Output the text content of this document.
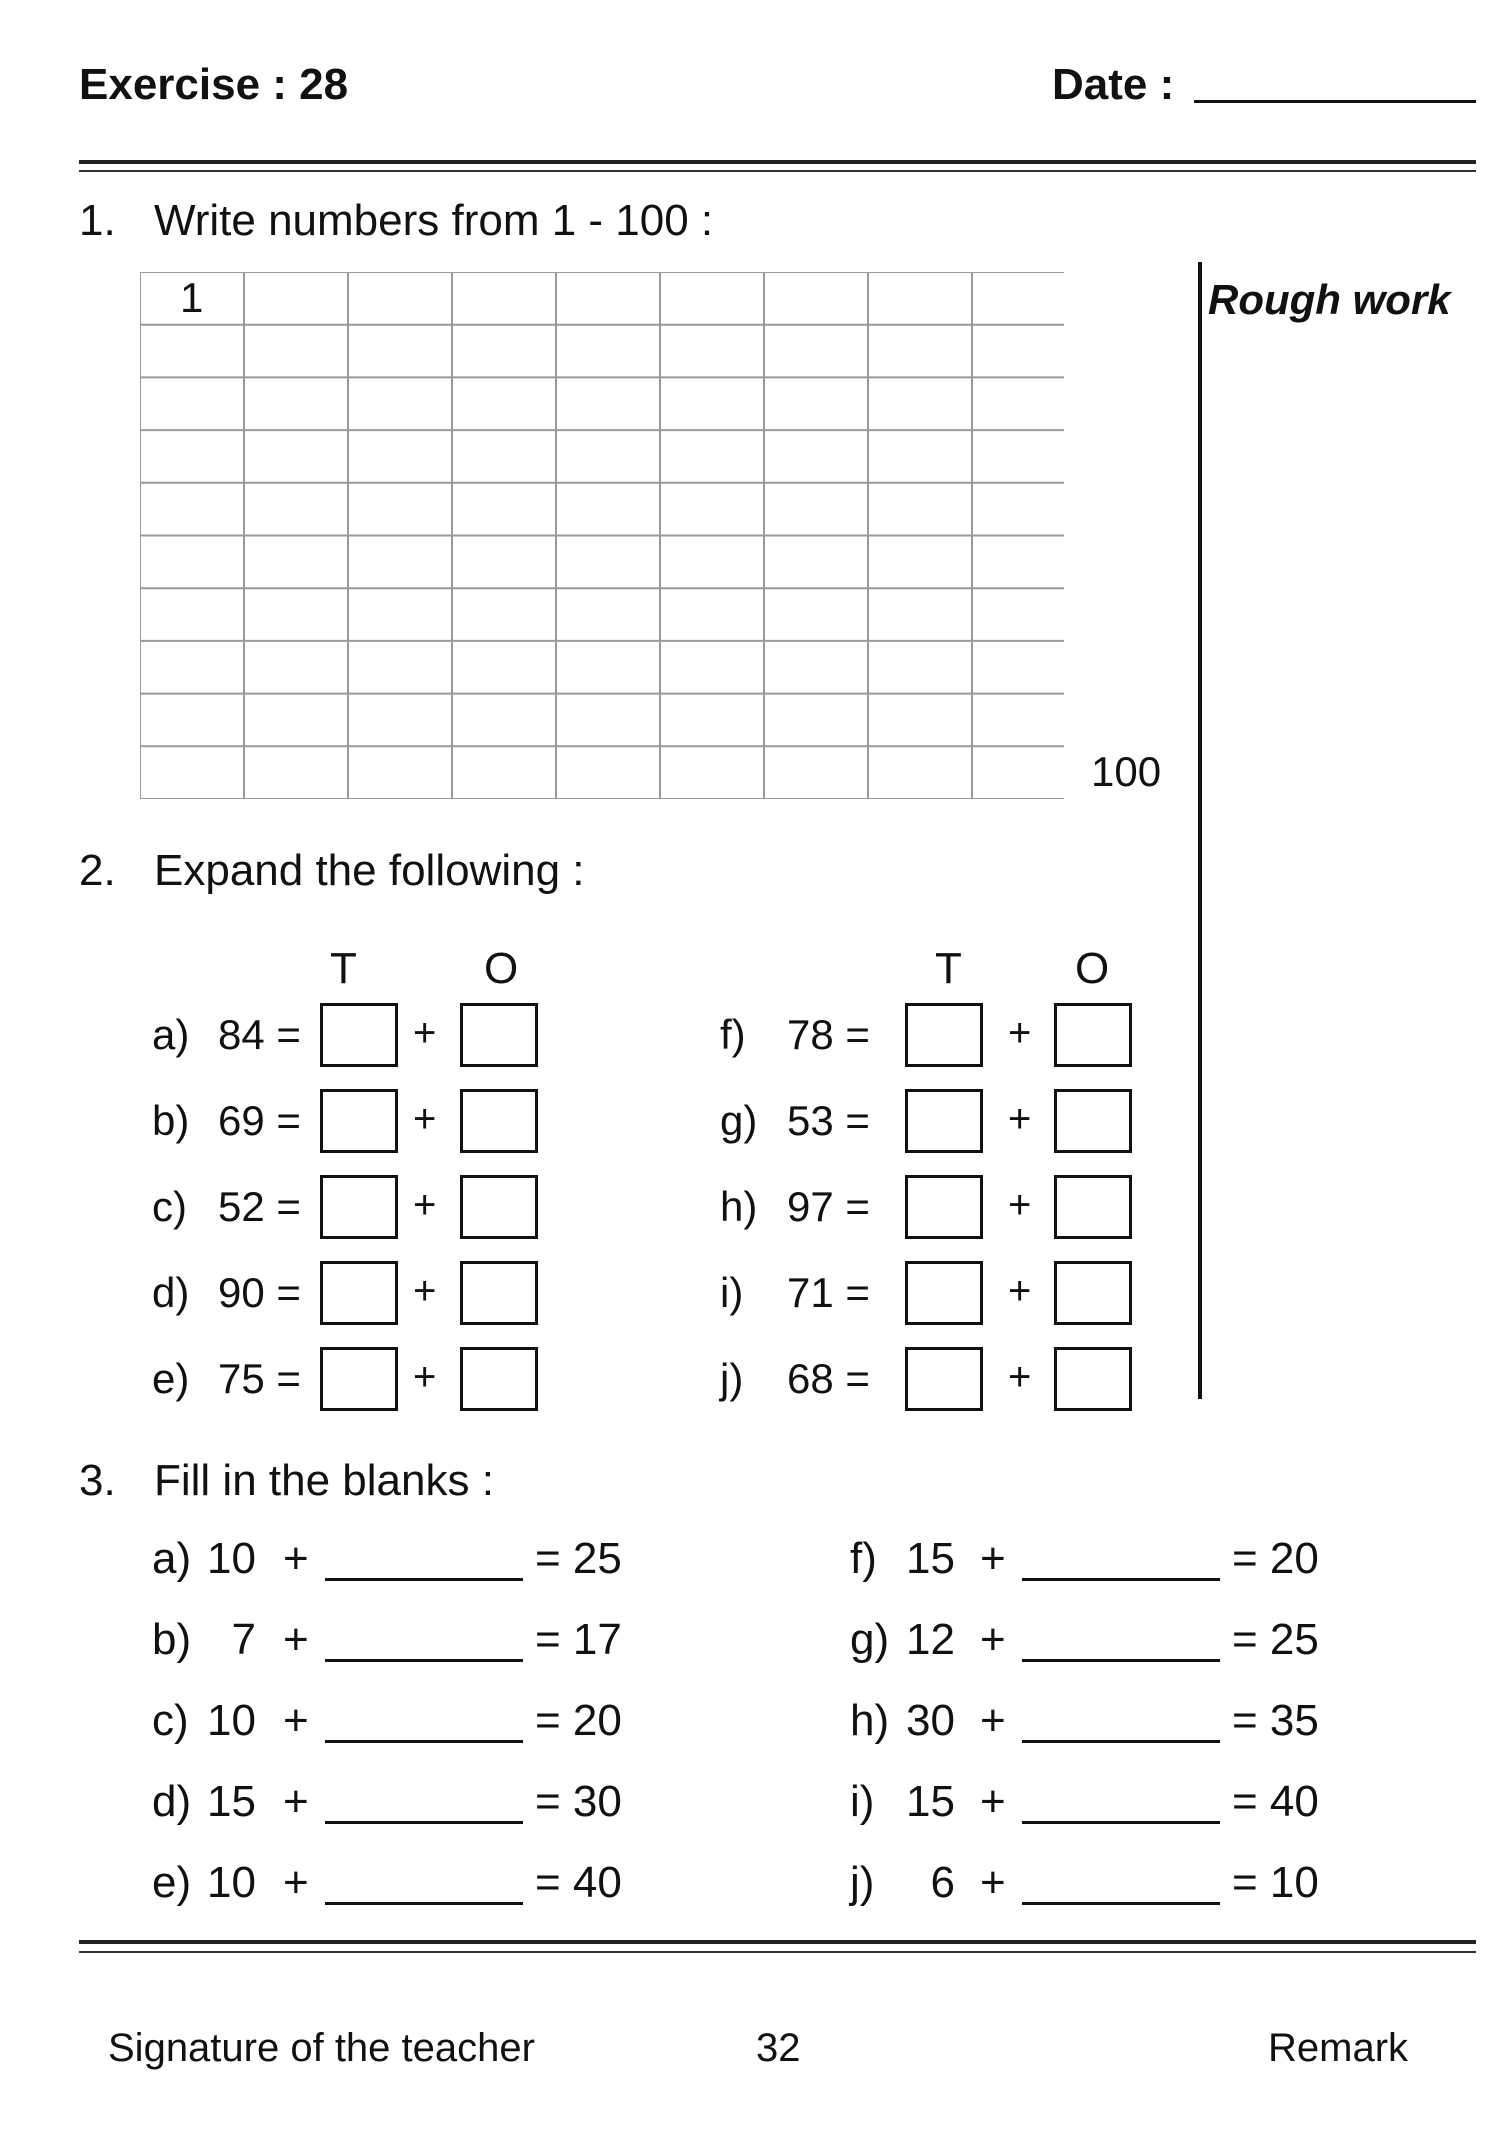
Exercise : 28	Date :
1. Write numbers from 1 - 100 :
1
100
Rough work
2. Expand the following :
T	O	T	O
a) 84 =	+
b) 69 =	+
c) 52 =	+
d) 90 =	+
e) 75 =	+
f) 78 =	+
g) 53 =	+
h) 97 =	+
i) 71 =	+
j) 68 =	+
3. Fill in the blanks :
a) 10 +	= 25
b) 7 +	= 17
c) 10 +	= 20
d) 15 +	= 30
e) 10 +	= 40
f) 15 +	= 20
g) 12 +	= 25
h) 30 +	= 35
i) 15 +	= 40
j)	6 +	= 10
Signature of the teacher	32	Remark
